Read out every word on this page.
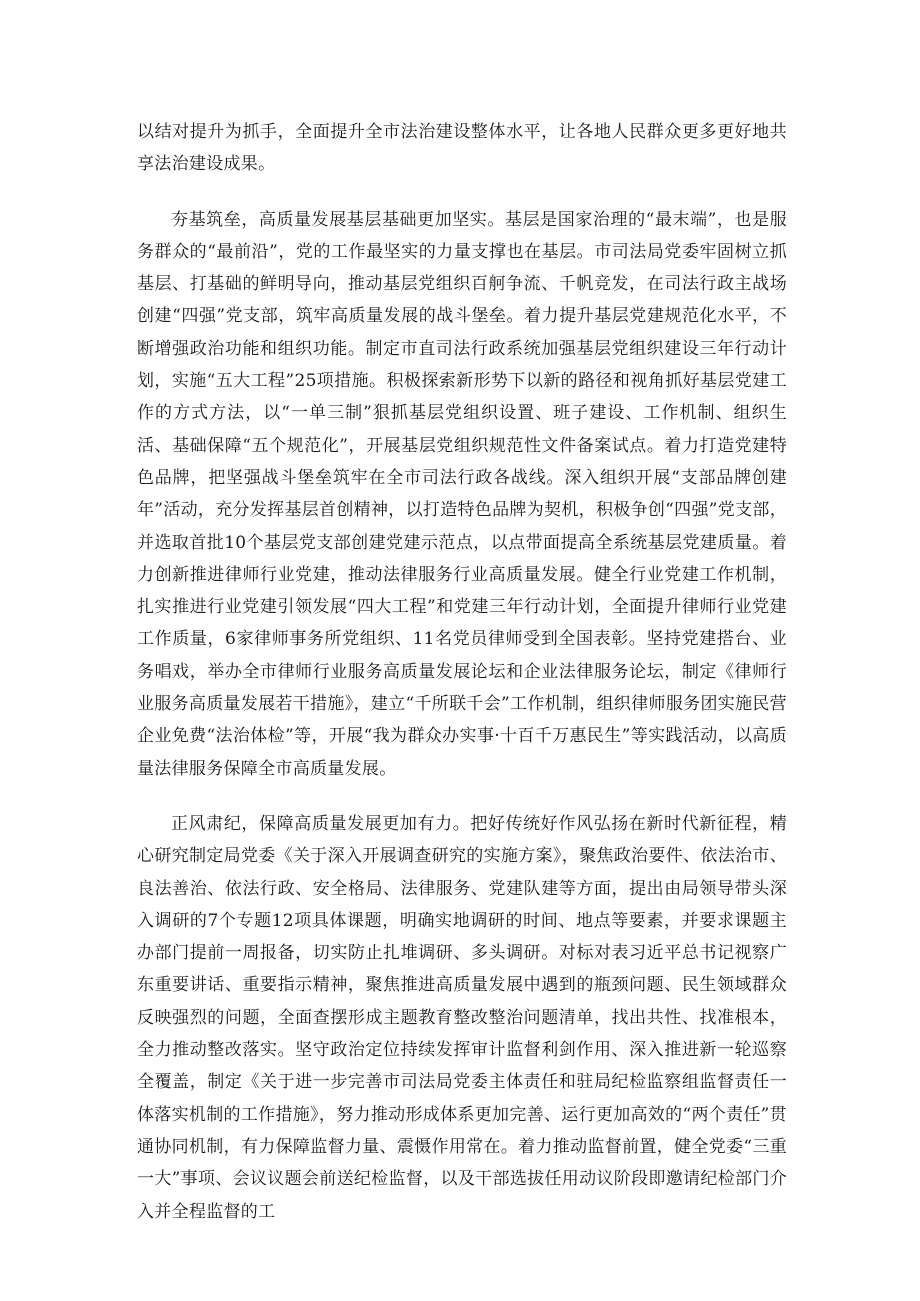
以结对提升为抓手，全面提升全市法治建设整体水平，让各地人民群众更多更好地共享法治建设成果。

夯基筑垒，高质量发展基层基础更加坚实。基层是国家治理的“最末端”，也是服务群众的“最前沿”，党的工作最坚实的力量支撑也在基层。市司法局党委牢固树立抓基层、打基础的鲜明导向，推动基层党组织百舸争流、千帆竞发，在司法行政主战场创建“四强”党支部，筑牢高质量发展的战斗堡垒。着力提升基层党建规范化水平，不断增强政治功能和组织功能。制定市直司法行政系统加强基层党组织建设三年行动计划，实施“五大工程”25项措施。积极探索新形势下以新的路径和视角抓好基层党建工作的方式方法，以“一单三制”狠抓基层党组织设置、班子建设、工作机制、组织生活、基础保障“五个规范化”，开展基层党组织规范性文件备案试点。着力打造党建特色品牌，把坚强战斗堡垒筑牢在全市司法行政各战线。深入组织开展“支部品牌创建年”活动，充分发挥基层首创精神，以打造特色品牌为契机，积极争创“四强”党支部，并选取首批10个基层党支部创建党建示范点，以点带面提高全系统基层党建质量。着力创新推进律师行业党建，推动法律服务行业高质量发展。健全行业党建工作机制，扎实推进行业党建引领发展“四大工程”和党建三年行动计划，全面提升律师行业党建工作质量，6家律师事务所党组织、11名党员律师受到全国表彰。坚持党建搭台、业务唱戏，举办全市律师行业服务高质量发展论坛和企业法律服务论坛，制定《律师行业服务高质量发展若干措施》，建立“千所联千会”工作机制，组织律师服务团实施民营企业免费“法治体检”等，开展“我为群众办实事·十百千万惠民生”等实践活动，以高质量法律服务保障全市高质量发展。

正风肃纪，保障高质量发展更加有力。把好传统好作风弘扬在新时代新征程，精心研究制定局党委《关于深入开展调查研究的实施方案》，聚焦政治要件、依法治市、良法善治、依法行政、安全格局、法律服务、党建队建等方面，提出由局领导带头深入调研的7个专题12项具体课题，明确实地调研的时间、地点等要素，并要求课题主办部门提前一周报备，切实防止扎堆调研、多头调研。对标对表习近平总书记视察广东重要讲话、重要指示精神，聚焦推进高质量发展中遇到的瓶颈问题、民生领域群众反映强烈的问题，全面查摆形成主题教育整改整治问题清单，找出共性、找准根本，全力推动整改落实。坚守政治定位持续发挥审计监督利剑作用、深入推进新一轮巡察全覆盖，制定《关于进一步完善市司法局党委主体责任和驻局纪检监察组监督责任一体落实机制的工作措施》，努力推动形成体系更加完善、运行更加高效的“两个责任”贯通协同机制，有力保障监督力量、震慑作用常在。着力推动监督前置，健全党委“三重一大”事项、会议议题会前送纪检监督，以及干部选拔任用动议阶段即邀请纪检部门介入并全程监督的工
